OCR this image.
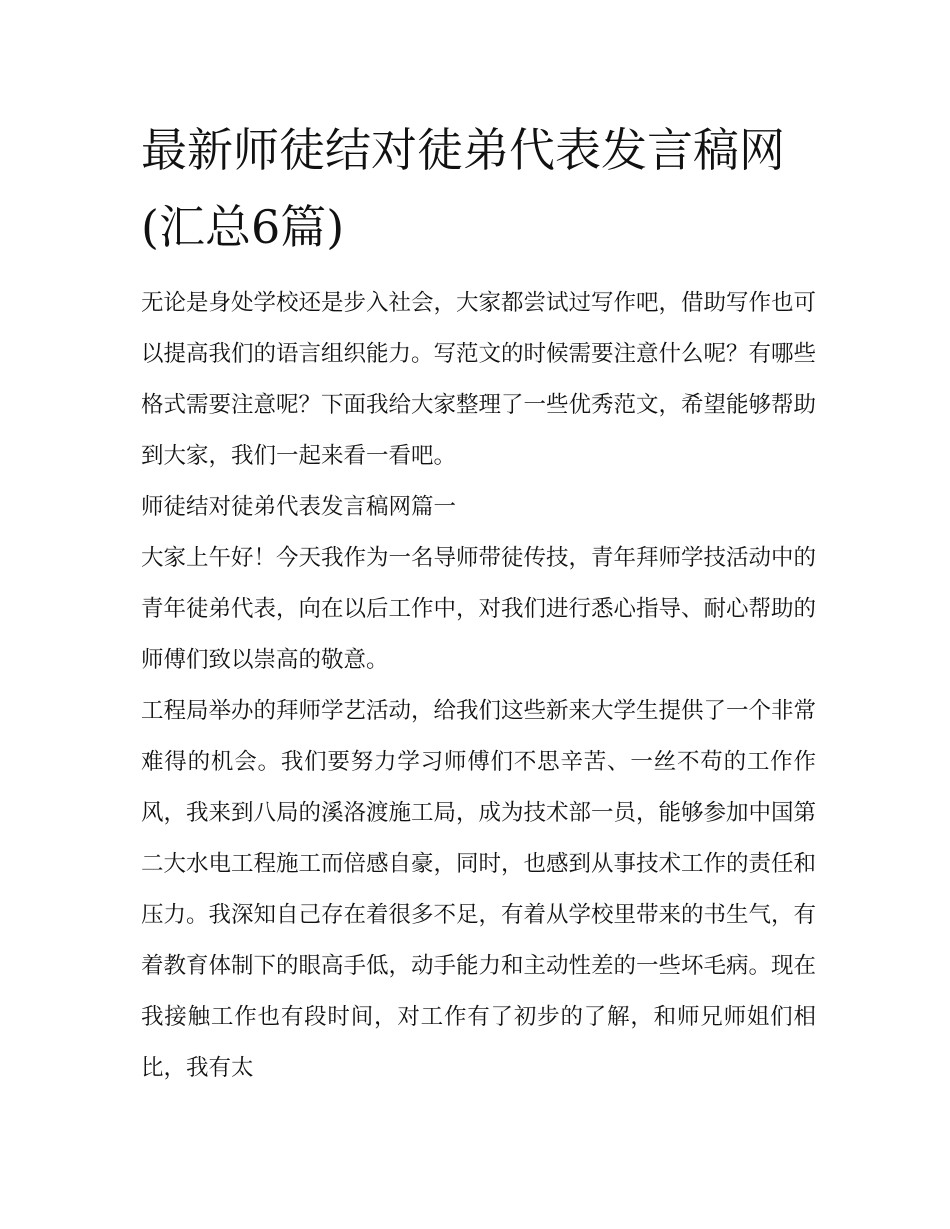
最新师徒结对徒弟代表发言稿网(汇总6篇)

无论是身处学校还是步入社会，大家都尝试过写作吧，借助写作也可以提高我们的语言组织能力。写范文的时候需要注意什么呢？有哪些格式需要注意呢？下面我给大家整理了一些优秀范文，希望能够帮助到大家，我们一起来看一看吧。

师徒结对徒弟代表发言稿网篇一

大家上午好！今天我作为一名导师带徒传技，青年拜师学技活动中的青年徒弟代表，向在以后工作中，对我们进行悉心指导、耐心帮助的师傅们致以崇高的敬意。

工程局举办的拜师学艺活动，给我们这些新来大学生提供了一个非常难得的机会。我们要努力学习师傅们不思辛苦、一丝不苟的工作作风，我来到八局的溪洛渡施工局，成为技术部一员，能够参加中国第二大水电工程施工而倍感自豪，同时，也感到从事技术工作的责任和压力。我深知自己存在着很多不足，有着从学校里带来的书生气，有着教育体制下的眼高手低，动手能力和主动性差的一些坏毛病。现在我接触工作也有段时间，对工作有了初步的了解，和师兄师姐们相比，我有太
